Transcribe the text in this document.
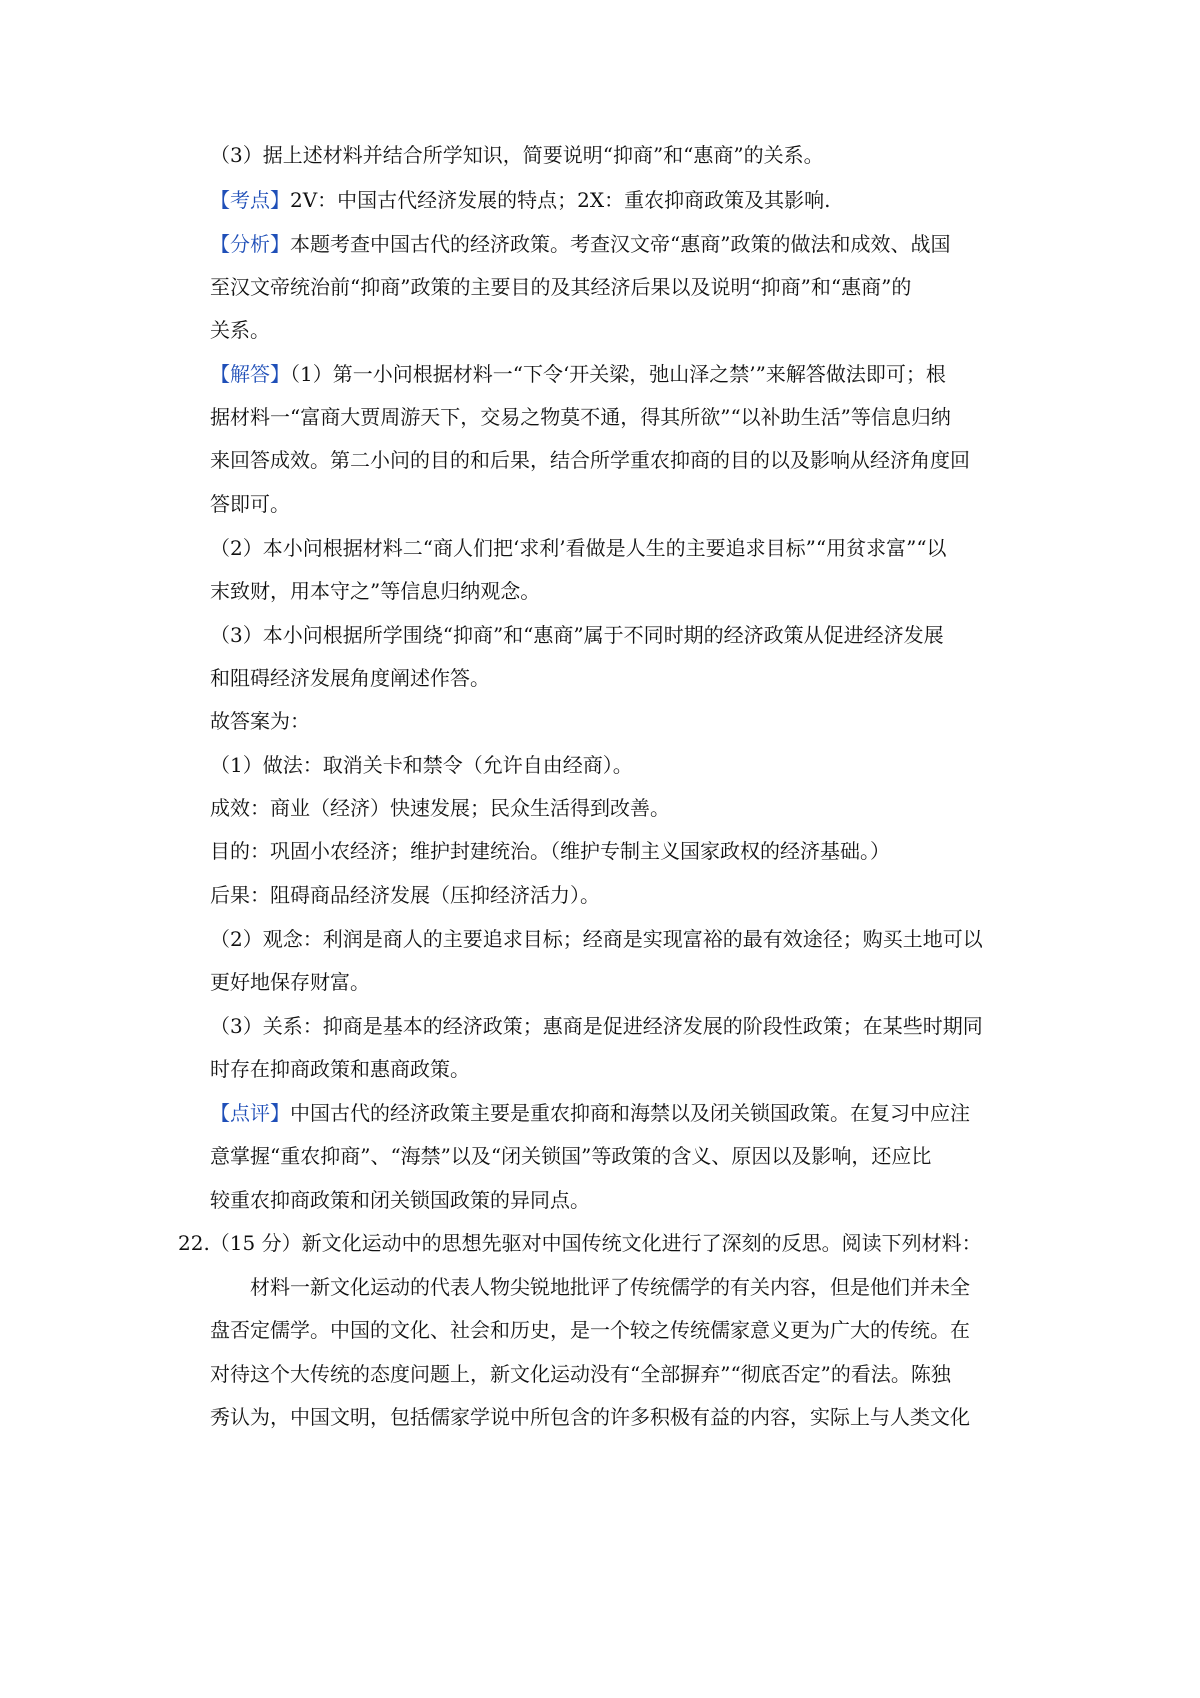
（3）据上述材料并结合所学知识，简要说明“抑商”和“惠商”的关系。
【考点】2V：中国古代经济发展的特点；2X：重农抑商政策及其影响.
【分析】本题考查中国古代的经济政策。考查汉文帝“惠商”政策的做法和成效、战国
至汉文帝统治前“抑商”政策的主要目的及其经济后果以及说明“抑商”和“惠商”的
关系。
【解答】（1）第一小问根据材料一“下令‘开关梁，弛山泽之禁’”来解答做法即可；根
据材料一“富商大贾周游天下，交易之物莫不通，得其所欲”“以补助生活”等信息归纳
来回答成效。第二小问的目的和后果，结合所学重农抑商的目的以及影响从经济角度回
答即可。
（2）本小问根据材料二“商人们把‘求利’看做是人生的主要追求目标”“用贫求富”“以
末致财，用本守之”等信息归纳观念。
（3）本小问根据所学围绕“抑商”和“惠商”属于不同时期的经济政策从促进经济发展
和阻碍经济发展角度阐述作答。
故答案为：
（1）做法：取消关卡和禁令（允许自由经商）。
成效：商业（经济）快速发展；民众生活得到改善。
目的：巩固小农经济；维护封建统治。（维护专制主义国家政权的经济基础。）
后果：阻碍商品经济发展（压抑经济活力）。
（2）观念：利润是商人的主要追求目标；经商是实现富裕的最有效途径；购买土地可以
更好地保存财富。
（3）关系：抑商是基本的经济政策；惠商是促进经济发展的阶段性政策；在某些时期同
时存在抑商政策和惠商政策。
【点评】中国古代的经济政策主要是重农抑商和海禁以及闭关锁国政策。在复习中应注
意掌握“重农抑商”、“海禁”以及“闭关锁国”等政策的含义、原因以及影响，还应比
较重农抑商政策和闭关锁国政策的异同点。
22.（15 分）新文化运动中的思想先驱对中国传统文化进行了深刻的反思。阅读下列材料：
材料一新文化运动的代表人物尖锐地批评了传统儒学的有关内容，但是他们并未全
盘否定儒学。中国的文化、社会和历史，是一个较之传统儒家意义更为广大的传统。在
对待这个大传统的态度问题上，新文化运动没有“全部摒弃”“彻底否定”的看法。陈独
秀认为，中国文明，包括儒家学说中所包含的许多积极有益的内容，实际上与人类文化
